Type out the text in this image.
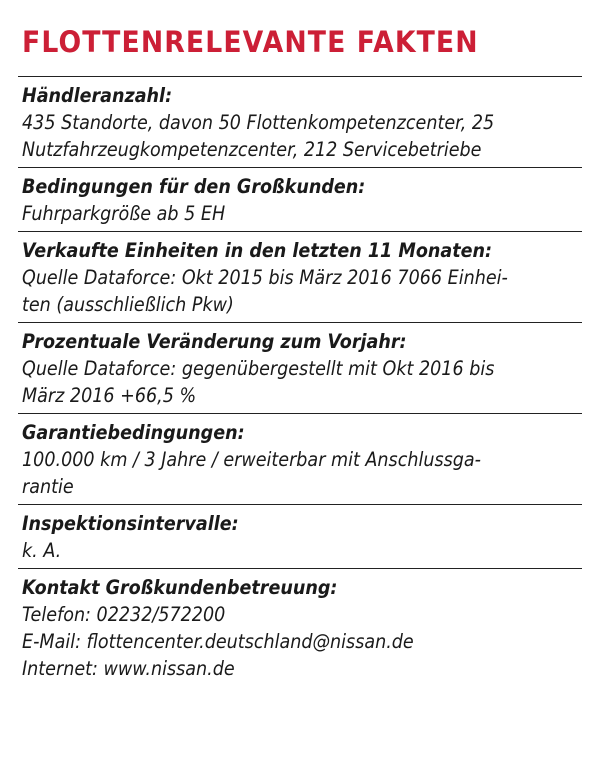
FLOTTENRELEVANTE FAKTEN
Händleranzahl:
435 Standorte, davon 50 Flottenkompetenzcenter, 25
Nutzfahrzeugkompetenzcenter, 212 Servicebetriebe
Bedingungen für den Großkunden:
Fuhrparkgröße ab 5 EH
Verkaufte Einheiten in den letzten 11 Monaten:
Quelle Dataforce: Okt 2015 bis März 2016 7066 Einhei-
ten (ausschließlich Pkw)
Prozentuale Veränderung zum Vorjahr:
Quelle Dataforce: gegenübergestellt mit Okt 2016 bis
März 2016 +66,5 %
Garantiebedingungen:
100.000 km / 3 Jahre / erweiterbar mit Anschlussga-
rantie
Inspektionsintervalle:
k. A.
Kontakt Großkundenbetreuung:
Telefon: 02232/572200
E-Mail: flottencenter.deutschland@nissan.de
Internet: www.nissan.de
